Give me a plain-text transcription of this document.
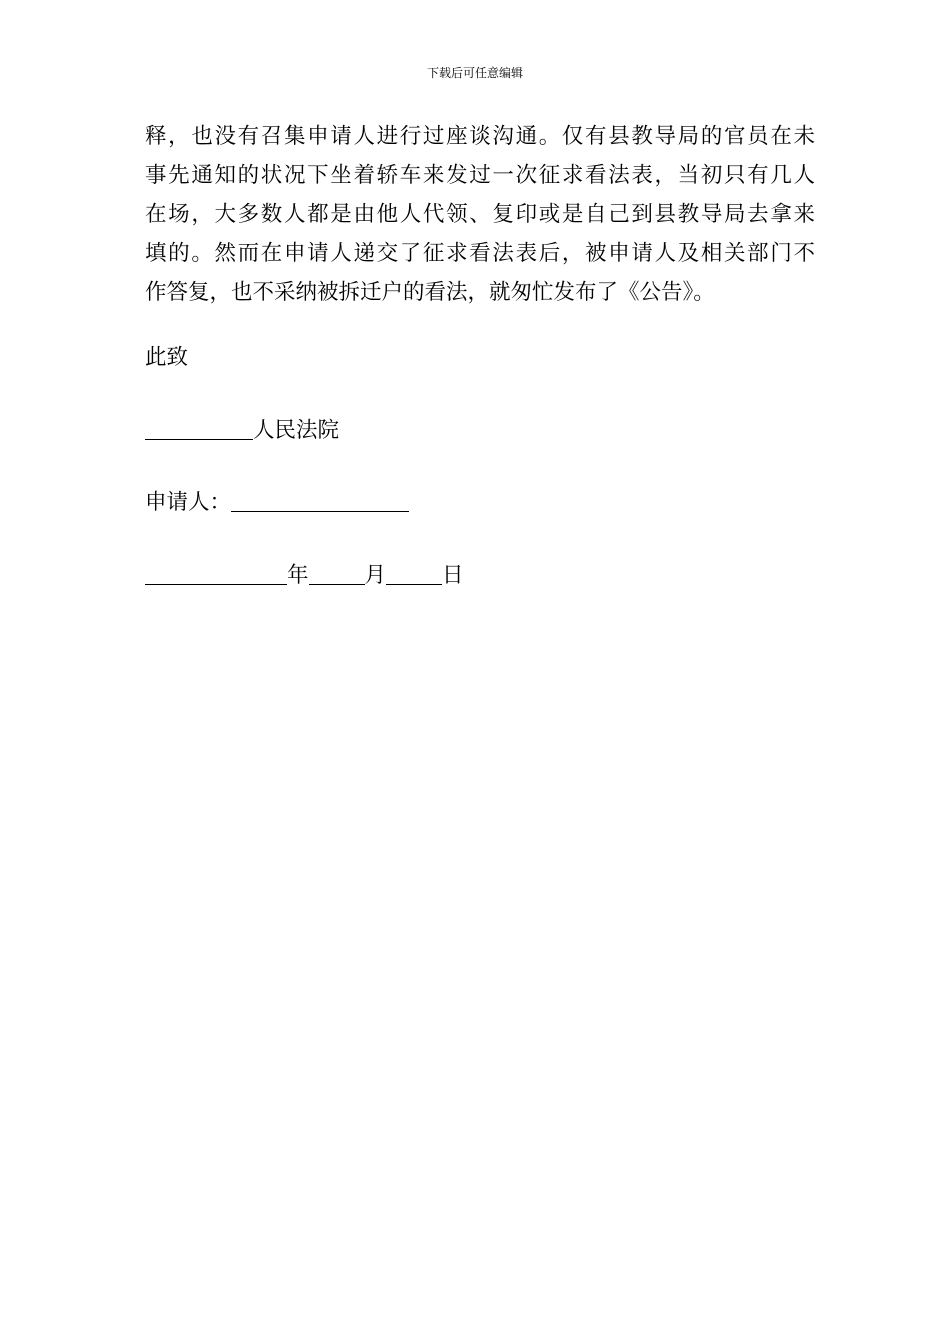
下载后可任意编辑
释，也没有召集申请人进行过座谈沟通。仅有县教导局的官员在未
事先通知的状况下坐着轿车来发过一次征求看法表，当初只有几人
在场，大多数人都是由他人代领、复印或是自己到县教导局去拿来
填的。然而在申请人递交了征求看法表后，被申请人及相关部门不
作答复，也不采纳被拆迁户的看法，就匆忙发布了《公告》。
此致
人民法院
申请人：
年	月	日
